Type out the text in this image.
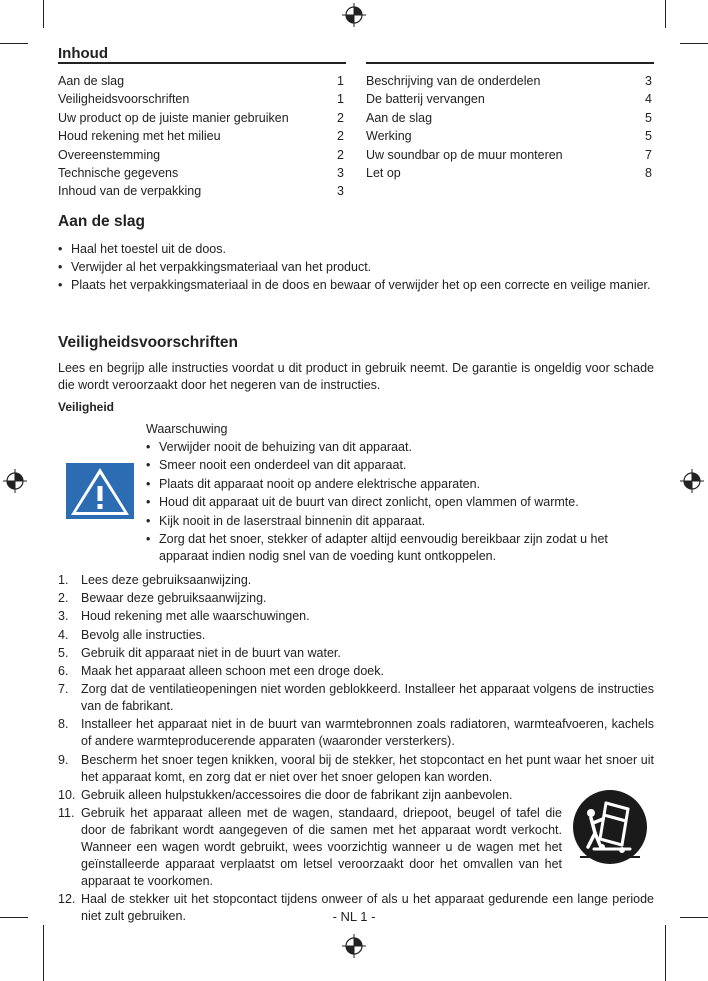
Inhoud
Aan de slag	1
Veiligheidsvoorschriften	1
Uw product op de juiste manier gebruiken	2
Houd rekening met het milieu	2
Overeenstemming	2
Technische gegevens	3
Inhoud van de verpakking	3
Beschrijving van de onderdelen	3
De batterij vervangen	4
Aan de slag	5
Werking	5
Uw soundbar op de muur monteren	7
Let op	8
Aan de slag
• Haal het toestel uit de doos.
• Verwijder al het verpakkingsmateriaal van het product.
• Plaats het verpakkingsmateriaal in de doos en bewaar of verwijder het op een correcte en veilige manier.
Veiligheidsvoorschriften
Lees en begrijp alle instructies voordat u dit product in gebruik neemt. De garantie is ongeldig voor schade die wordt veroorzaakt door het negeren van de instructies.
Veiligheid
Waarschuwing
• Verwijder nooit de behuizing van dit apparaat.
• Smeer nooit een onderdeel van dit apparaat.
• Plaats dit apparaat nooit op andere elektrische apparaten.
• Houd dit apparaat uit de buurt van direct zonlicht, open vlammen of warmte.
• Kijk nooit in de laserstraal binnenin dit apparaat.
• Zorg dat het snoer, stekker of adapter altijd eenvoudig bereikbaar zijn zodat u het apparaat indien nodig snel van de voeding kunt ontkoppelen.
1. Lees deze gebruiksaanwijzing.
2. Bewaar deze gebruiksaanwijzing.
3. Houd rekening met alle waarschuwingen.
4. Bevolg alle instructies.
5. Gebruik dit apparaat niet in de buurt van water.
6. Maak het apparaat alleen schoon met een droge doek.
7. Zorg dat de ventilatieopeningen niet worden geblokkeerd. Installeer het apparaat volgens de instructies van de fabrikant.
8. Installeer het apparaat niet in de buurt van warmtebronnen zoals radiatoren, warmteafvoeren, kachels of andere warmteproducerende apparaten (waaronder versterkers).
9. Bescherm het snoer tegen knikken, vooral bij de stekker, het stopcontact en het punt waar het snoer uit het apparaat komt, en zorg dat er niet over het snoer gelopen kan worden.
10. Gebruik alleen hulpstukken/accessoires die door de fabrikant zijn aanbevolen.
11. Gebruik het apparaat alleen met de wagen, standaard, driepoot, beugel of tafel die door de fabrikant wordt aangegeven of die samen met het apparaat wordt verkocht. Wanneer een wagen wordt gebruikt, wees voorzichtig wanneer u de wagen met het geïnstalleerde apparaat verplaatst om letsel veroorzaakt door het omvallen van het apparaat te voorkomen.
12. Haal de stekker uit het stopcontact tijdens onweer of als u het apparaat gedurende een lange periode niet zult gebruiken.	- NL 1 -
